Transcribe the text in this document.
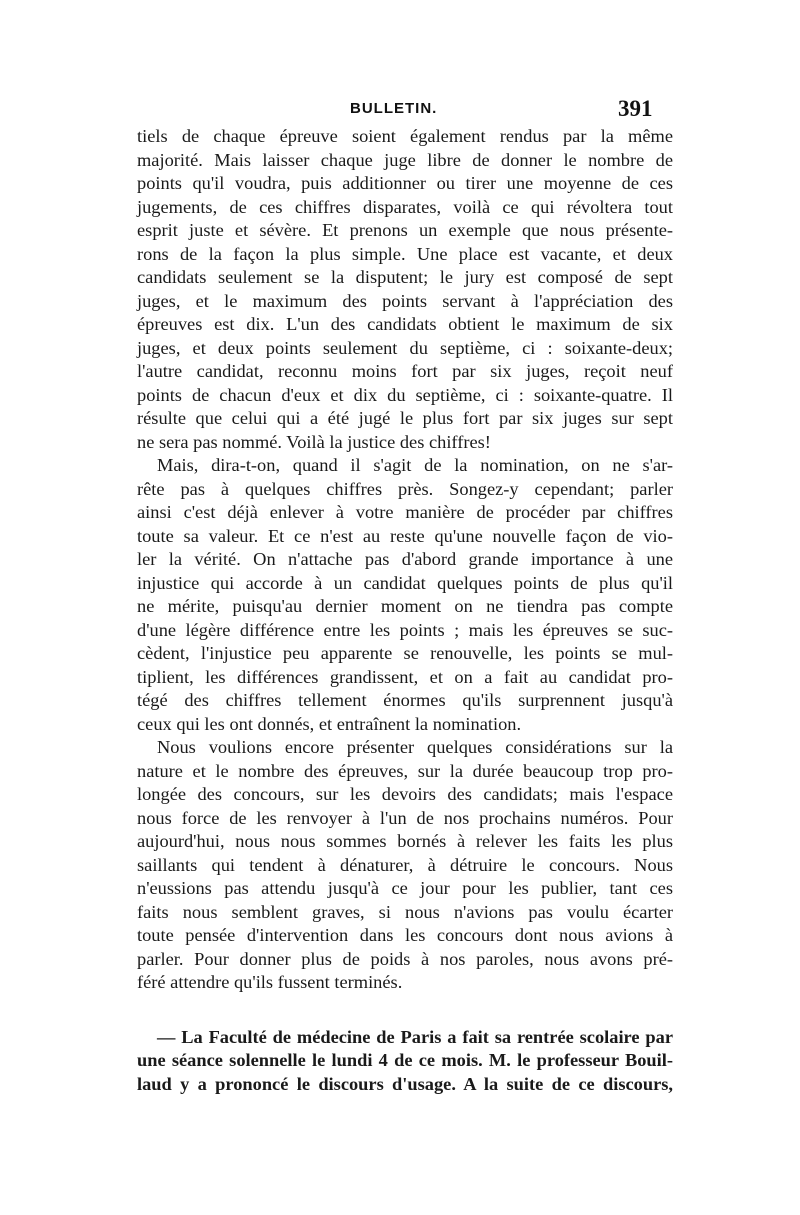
BULLETIN.	391
tiels de chaque épreuve soient également rendus par la même
majorité. Mais laisser chaque juge libre de donner le nombre de
points qu'il voudra, puis additionner ou tirer une moyenne de ces
jugements, de ces chiffres disparates, voilà ce qui révoltera tout
esprit juste et sévère. Et prenons un exemple que nous présente-
rons de la façon la plus simple. Une place est vacante, et deux
candidats seulement se la disputent; le jury est composé de sept
juges, et le maximum des points servant à l'appréciation des
épreuves est dix. L'un des candidats obtient le maximum de six
juges, et deux points seulement du septième, ci : soixante-deux;
l'autre candidat, reconnu moins fort par six juges, reçoit neuf
points de chacun d'eux et dix du septième, ci : soixante-quatre. Il
résulte que celui qui a été jugé le plus fort par six juges sur sept
ne sera pas nommé. Voilà la justice des chiffres!
Mais, dira-t-on, quand il s'agit de la nomination, on ne s'ar-
rête pas à quelques chiffres près. Songez-y cependant; parler
ainsi c'est déjà enlever à votre manière de procéder par chiffres
toute sa valeur. Et ce n'est au reste qu'une nouvelle façon de vio-
ler la vérité. On n'attache pas d'abord grande importance à une
injustice qui accorde à un candidat quelques points de plus qu'il
ne mérite, puisqu'au dernier moment on ne tiendra pas compte
d'une légère différence entre les points ; mais les épreuves se suc-
cèdent, l'injustice peu apparente se renouvelle, les points se mul-
tiplient, les différences grandissent, et on a fait au candidat pro-
tégé des chiffres tellement énormes qu'ils surprennent jusqu'à
ceux qui les ont donnés, et entraînent la nomination.
Nous voulions encore présenter quelques considérations sur la
nature et le nombre des épreuves, sur la durée beaucoup trop pro-
longée des concours, sur les devoirs des candidats; mais l'espace
nous force de les renvoyer à l'un de nos prochains numéros. Pour
aujourd'hui, nous nous sommes bornés à relever les faits les plus
saillants qui tendent à dénaturer, à détruire le concours. Nous
n'eussions pas attendu jusqu'à ce jour pour les publier, tant ces
faits nous semblent graves, si nous n'avions pas voulu écarter
toute pensée d'intervention dans les concours dont nous avions à
parler. Pour donner plus de poids à nos paroles, nous avons pré-
féré attendre qu'ils fussent terminés.
— La Faculté de médecine de Paris a fait sa rentrée scolaire par
une séance solennelle le lundi 4 de ce mois. M. le professeur Bouil-
laud y a prononcé le discours d'usage. A la suite de ce discours,
